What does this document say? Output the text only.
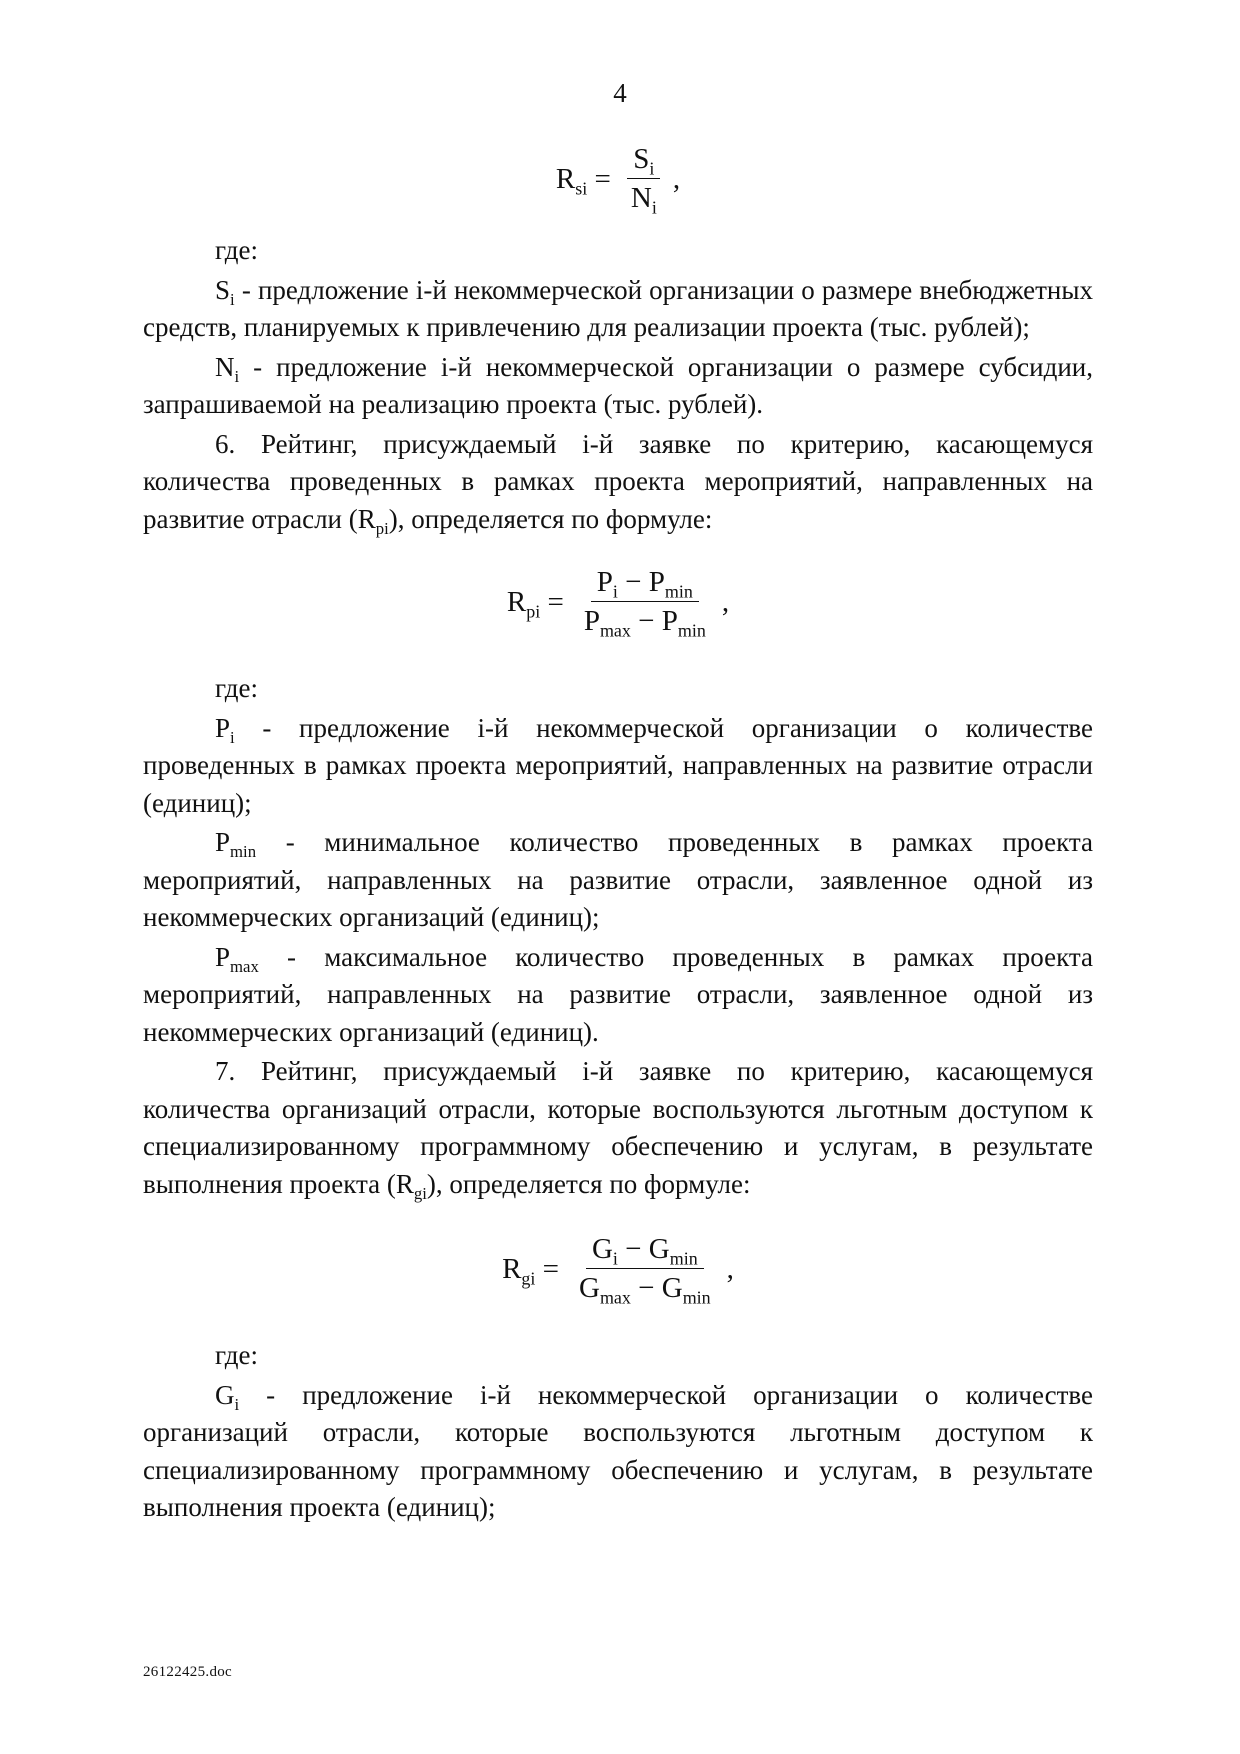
4
$R_{si} = \frac{S_i}{N_i}$ ,

где:

$S_i$ - предложение i-й некоммерческой организации о размере внебюджетных средств, планируемых к привлечению для реализации проекта (тыс. рублей);

$N_i$ - предложение i-й некоммерческой организации о размере субсидии, запрашиваемой на реализацию проекта (тыс. рублей).

6. Рейтинг, присуждаемый i-й заявке по критерию, касающемуся количества проведенных в рамках проекта мероприятий, направленных на развитие отрасли $(R_{pi})$, определяется по формуле:

$R_{pi} = \frac{P_i - P_{min}}{P_{max} - P_{min}}$ ,

где:

$P_i$ - предложение i-й некоммерческой организации о количестве проведенных в рамках проекта мероприятий, направленных на развитие отрасли (единиц);

$P_{min}$ - минимальное количество проведенных в рамках проекта мероприятий, направленных на развитие отрасли, заявленное одной из некоммерческих организаций (единиц);

$P_{max}$ - максимальное количество проведенных в рамках проекта мероприятий, направленных на развитие отрасли, заявленное одной из некоммерческих организаций (единиц).

7. Рейтинг, присуждаемый i-й заявке по критерию, касающемуся количества организаций отрасли, которые воспользуются льготным доступом к специализированному программному обеспечению и услугам, в результате выполнения проекта $(R_{gi})$, определяется по формуле:

$R_{gi} = \frac{G_i - G_{min}}{G_{max} - G_{min}}$ ,

где:

$G_i$ - предложение i-й некоммерческой организации о количестве организаций отрасли, которые воспользуются льготным доступом к специализированному программному обеспечению и услугам, в результате выполнения проекта (единиц);

26122425.doc
